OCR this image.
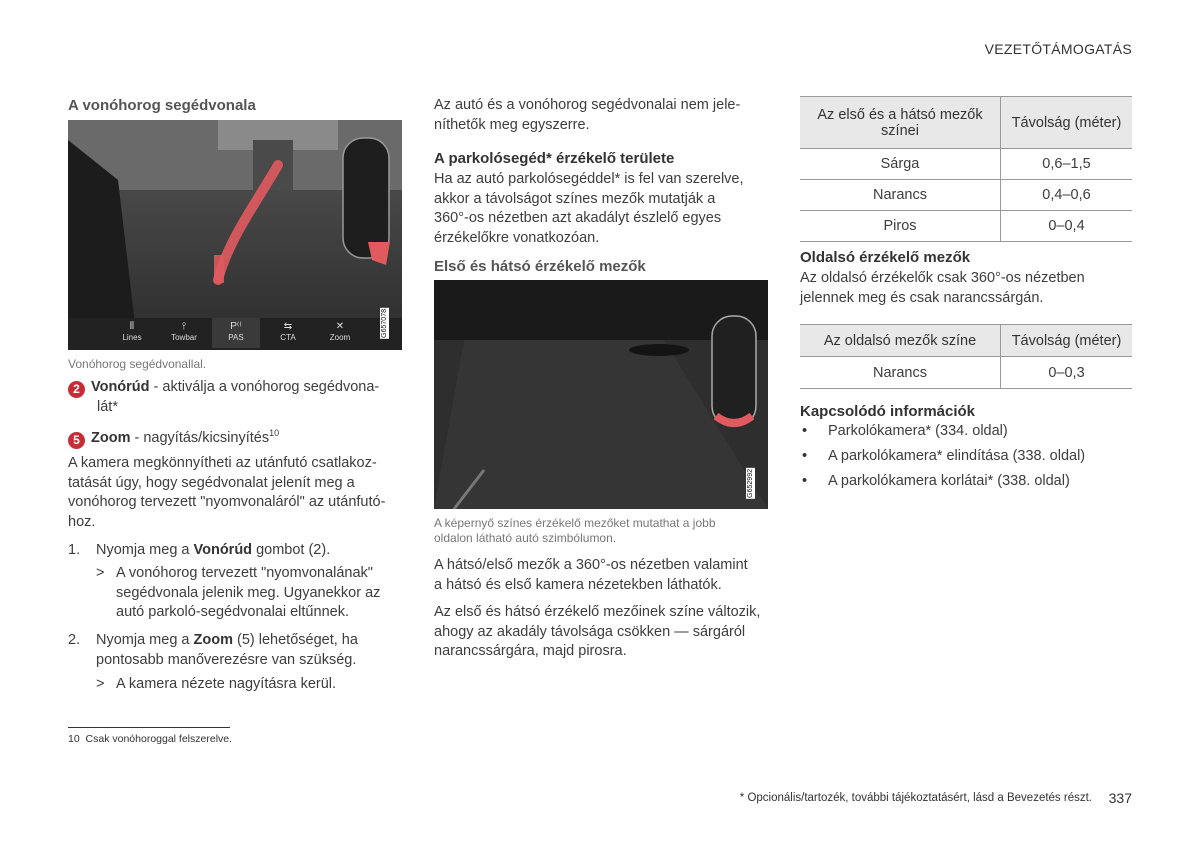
VEZETŐTÁMOGATÁS
A vonóhorog segédvonala
⦀
Lines
⫯
Towbar
P⁽⁽
PAS
⇆
CTA
✕
Zoom	G657078
Vonóhorog segédvonallal.

2 Vonórúd - aktiválja a vonóhorog segédvona-
lát*

5 Zoom - nagyítás/kicsinyítés$^{10}$

A kamera megkönnyítheti az utánfutó csatlakoz-
tatását úgy, hogy segédvonalat jelenít meg a
vonóhorog tervezett "nyomvonaláról" az utánfutó-
hoz.

1. Nyomja meg a Vonórúd gombot (2).

> A vonóhorog tervezett "nyomvonalának"
segédvonala jelenik meg. Ugyanekkor az
autó parkoló-segédvonalai eltűnnek.

2. Nyomja meg a Zoom (5) lehetőséget, ha
pontosabb manőverezésre van szükség.

> A kamera nézete nagyításra kerül.

10 Csak vonóhoroggal felszerelve.

Az autó és a vonóhorog segédvonalai nem jele-
níthetők meg egyszerre.

A parkolósegéd* érzékelő területe

Ha az autó parkolósegéddel* is fel van szerelve,
akkor a távolságot színes mezők mutatják a
360°-os nézetben azt akadályt észlelő egyes
érzékelőkre vonatkozóan.

Első és hátsó érzékelő mezők
G652992
A képernyő színes érzékelő mezőket mutathat a jobb
oldalon látható autó szimbólumon.

A hátsó/első mezők a 360°-os nézetben valamint
a hátsó és első kamera nézetekben láthatók.

Az első és hátsó érzékelő mezőinek színe változik,
ahogy az akadály távolsága csökken — sárgáról
narancssárgára, majd pirosra.

Az első és a hátsó mezők színei	Távolság (méter)
Sárga	0,6–1,5
Narancs	0,4–0,6
Piros	0–0,4
Oldalsó érzékelő mezők

Az oldalsó érzékelők csak 360°-os nézetben
jelennek meg és csak narancssárgán.

Az oldalsó mezők színe	Távolság (méter)
Narancs	0–0,3
Kapcsolódó információk
• Parkolókamera* (334. oldal)
• A parkolókamera* elindítása (338. oldal)
• A parkolókamera korlátai* (338. oldal)
* Opcionális/tartozék, további tájékoztatásért, lásd a Bevezetés részt. 337
